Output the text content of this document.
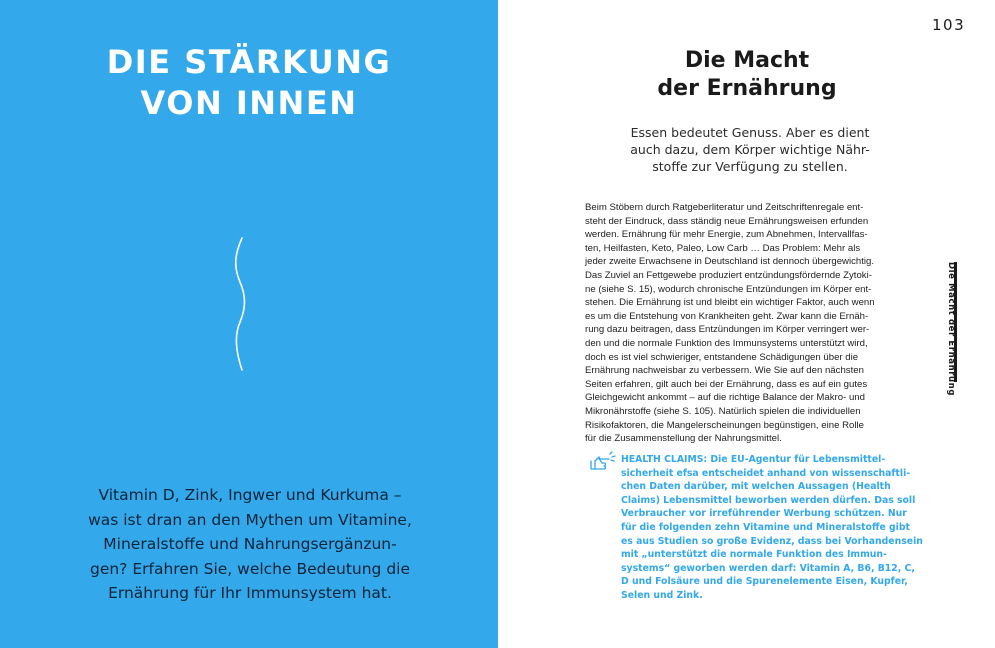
DIE STÄRKUNG
VON INNEN
Vitamin D, Zink, Ingwer und Kurkuma –
was ist dran an den Mythen um Vitamine,
Mineralstoffe und Nahrungsergänzun-
gen? Erfahren Sie, welche Bedeutung die
Ernährung für Ihr Immunsystem hat.
103
Die Macht
der Ernährung
Essen bedeutet Genuss. Aber es dient
auch dazu, dem Körper wichtige Nähr-
stoffe zur Verfügung zu stellen.
Beim Stöbern durch Ratgeberliteratur und Zeitschriftenregale ent-
steht der Eindruck, dass ständig neue Ernährungsweisen erfunden
werden. Ernährung für mehr Energie, zum Abnehmen, Intervallfas-
ten, Heilfasten, Keto, Paleo, Low Carb … Das Problem: Mehr als
jeder zweite Erwachsene in Deutschland ist dennoch übergewichtig.
Das Zuviel an Fettgewebe produziert entzündungsfördernde Zytoki-
ne (siehe S. 15), wodurch chronische Entzündungen im Körper ent-
stehen. Die Ernährung ist und bleibt ein wichtiger Faktor, auch wenn
es um die Entstehung von Krankheiten geht. Zwar kann die Ernäh-
rung dazu beitragen, dass Entzündungen im Körper verringert wer-
den und die normale Funktion des Immunsystems unterstützt wird,
doch es ist viel schwieriger, entstandene Schädigungen über die
Ernährung nachweisbar zu verbessern. Wie Sie auf den nächsten
Seiten erfahren, gilt auch bei der Ernährung, dass es auf ein gutes
Gleichgewicht ankommt – auf die richtige Balance der Makro- und
Mikronährstoffe (siehe S. 105). Natürlich spielen die individuellen
Risikofaktoren, die Mangelerscheinungen begünstigen, eine Rolle
für die Zusammenstellung der Nahrungsmittel.
Die Macht der Ernährung
HEALTH CLAIMS: Die EU-Agentur für Lebensmittel-
sicherheit efsa entscheidet anhand von wissenschaftli-
chen Daten darüber, mit welchen Aussagen (Health
Claims) Lebensmittel beworben werden dürfen. Das soll
Verbraucher vor irreführender Werbung schützen. Nur
für die folgenden zehn Vitamine und Mineralstoffe gibt
es aus Studien so große Evidenz, dass bei Vorhandensein
mit „unterstützt die normale Funktion des Immun-
systems“ geworben werden darf: Vitamin A, B6, B12, C,
D und Folsäure und die Spurenelemente Eisen, Kupfer,
Selen und Zink.
